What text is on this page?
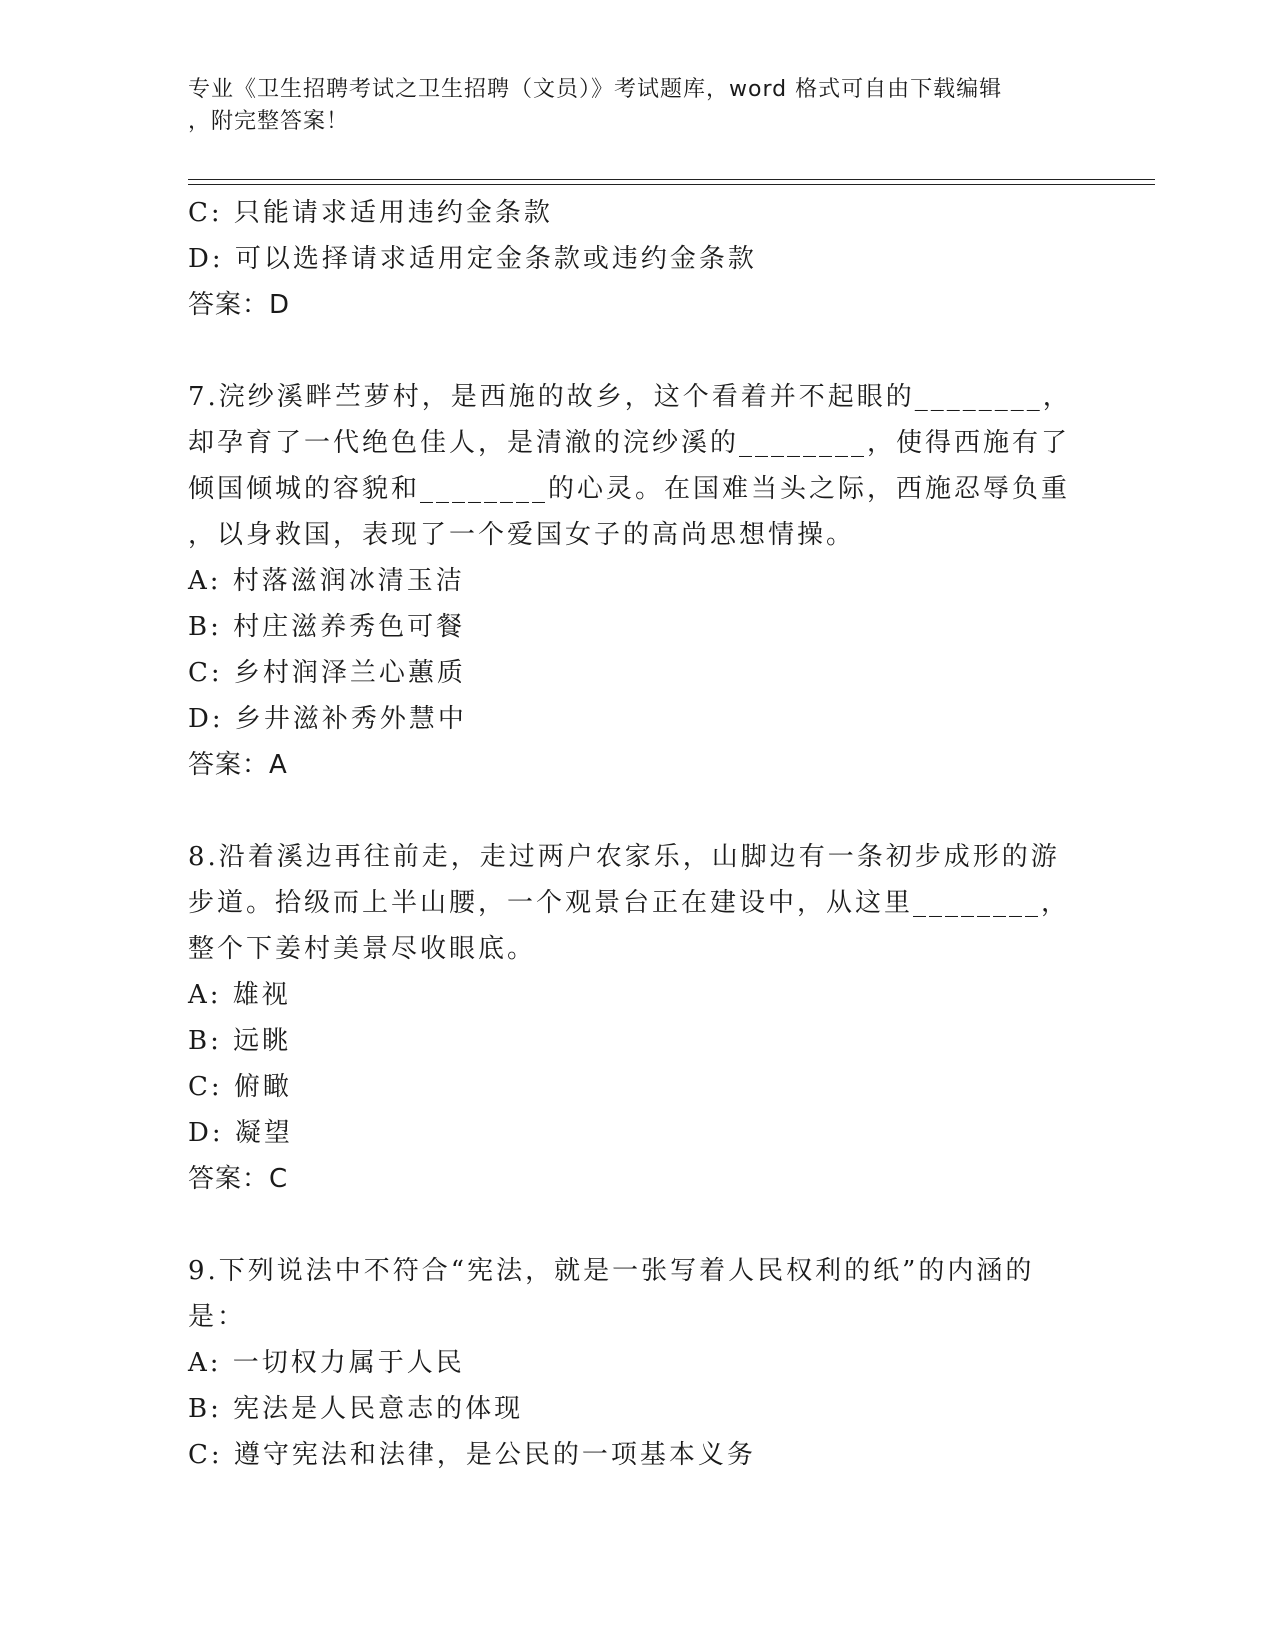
专业《卫生招聘考试之卫生招聘（文员）》考试题库，word 格式可自由下载编辑
，附完整答案！
C: 只能请求适用违约金条款
D: 可以选择请求适用定金条款或违约金条款
答案：D
7.浣纱溪畔苎萝村，是西施的故乡，这个看着并不起眼的________，
却孕育了一代绝色佳人，是清澈的浣纱溪的________，使得西施有了
倾国倾城的容貌和________的心灵。在国难当头之际，西施忍辱负重
，以身救国，表现了一个爱国女子的高尚思想情操。
A: 村落滋润冰清玉洁
B: 村庄滋养秀色可餐
C: 乡村润泽兰心蕙质
D: 乡井滋补秀外慧中
答案：A
8.沿着溪边再往前走，走过两户农家乐，山脚边有一条初步成形的游
步道。拾级而上半山腰，一个观景台正在建设中，从这里________，
整个下姜村美景尽收眼底。
A: 雄视
B: 远眺
C: 俯瞰
D: 凝望
答案：C
9.下列说法中不符合“宪法，就是一张写着人民权利的纸”的内涵的
是：
A: 一切权力属于人民
B: 宪法是人民意志的体现
C: 遵守宪法和法律，是公民的一项基本义务
